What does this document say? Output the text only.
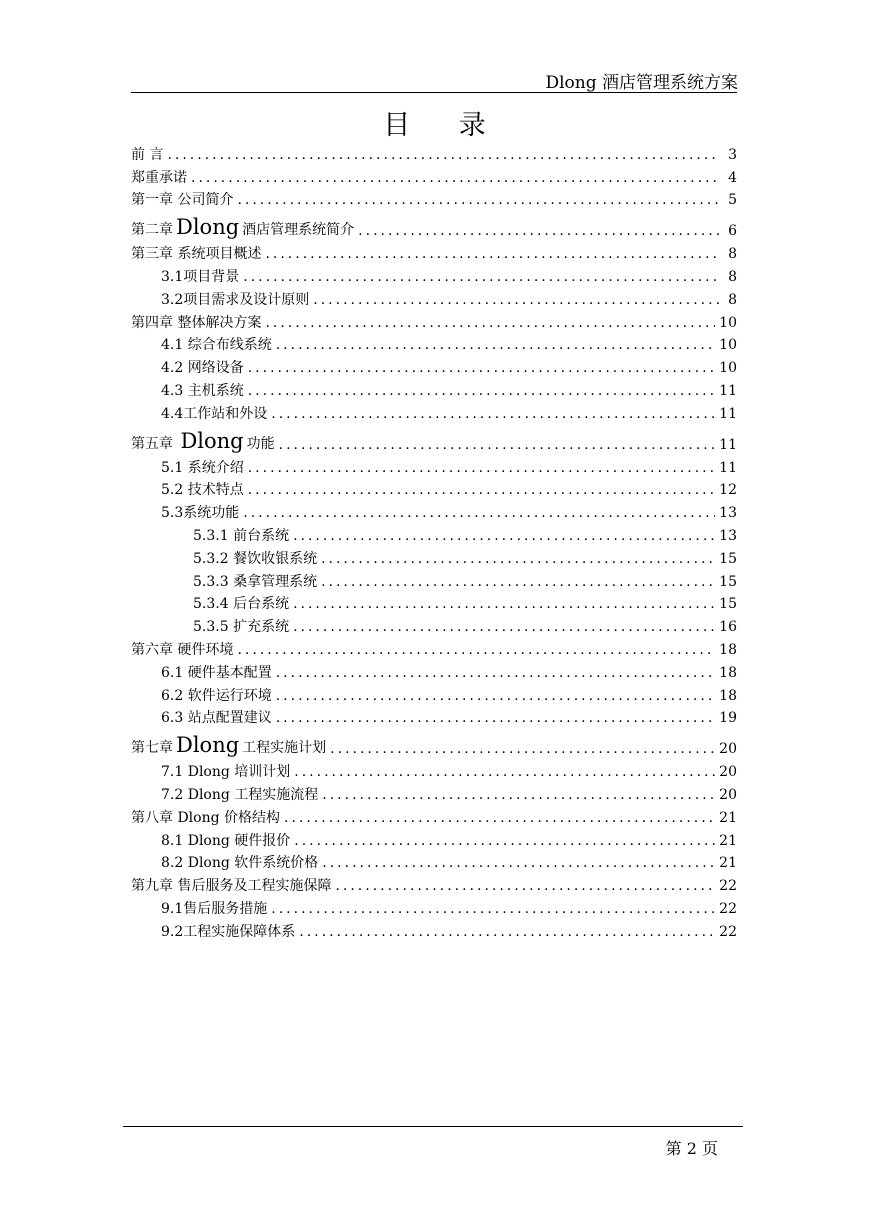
Dlong 酒店管理系统方案
目 录
前 言 .....	3
郑重承诺 .....	4
第一章 公司简介 .....	5
第二章 Dlong 酒店管理系统简介 .....	6
第三章 系统项目概述 .....	8
3.1项目背景 .....	8
3.2项目需求及设计原则 .....	8
第四章 整体解决方案 .....	10
4.1 综合布线系统 .....	10
4.2 网络设备 .....	10
4.3 主机系统 .....	11
4.4工作站和外设 .....	11
第五章 Dlong 功能 .....	11
5.1 系统介绍 .....	11
5.2 技术特点 .....	12
5.3系统功能 .....	13
5.3.1 前台系统 .....	13
5.3.2 餐饮收银系统 .....	15
5.3.3 桑拿管理系统 .....	15
5.3.4 后台系统 .....	15
5.3.5 扩充系统 .....	16
第六章 硬件环境 .....	18
6.1 硬件基本配置 .....	18
6.2 软件运行环境 .....	18
6.3 站点配置建议 .....	19
第七章 Dlong 工程实施计划 .....	20
7.1 Dlong 培训计划 .....	20
7.2 Dlong 工程实施流程 .....	20
第八章 Dlong 价格结构 .....	21
8.1 Dlong 硬件报价 .....	21
8.2 Dlong 软件系统价格 .....	21
第九章 售后服务及工程实施保障 .....	22
9.1售后服务措施 .....	22
9.2工程实施保障体系 .....	22
第 2 页
